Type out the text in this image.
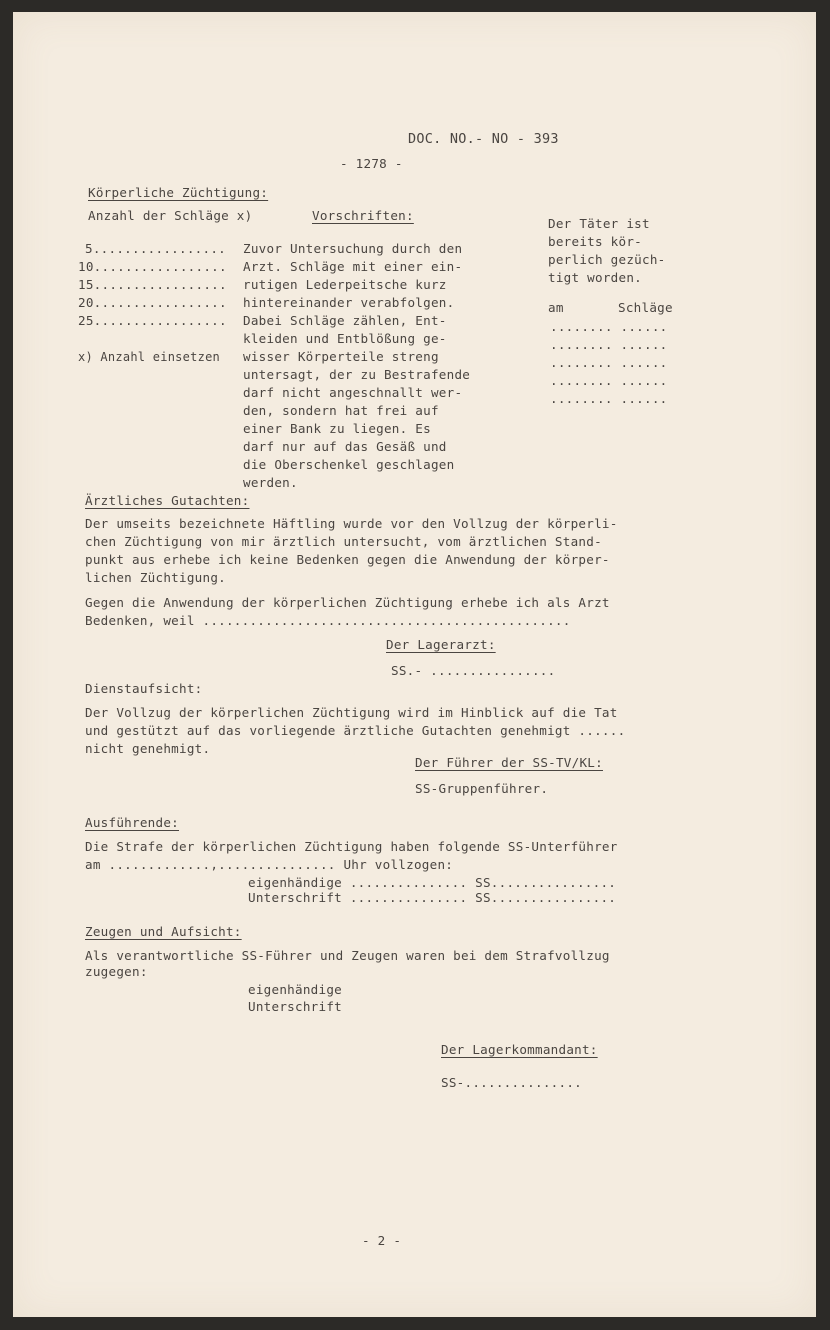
DOC. NO.- NO - 393
- 1278 -
Körperliche Züchtigung:
Anzahl der Schläge x)	Vorschriften:
5.................
10.................
15.................
20.................
25.................
Zuvor Untersuchung durch den
Arzt. Schläge mit einer ein-
rutigen Lederpeitsche kurz
hintereinander verabfolgen.
Dabei Schläge zählen, Ent-
kleiden und Entblößung ge-
wisser Körperteile streng
untersagt, der zu Bestrafende
darf nicht angeschnallt wer-
den, sondern hat frei auf
einer Bank zu liegen. Es
darf nur auf das Gesäß und
die Oberschenkel geschlagen
werden.
x) Anzahl einsetzen
Der Täter ist
bereits kör-
perlich gezüch-
tigt worden.
am	Schläge
........ ......
........ ......
........ ......
........ ......
........ ......
Ärztliches Gutachten:
Der umseits bezeichnete Häftling wurde vor den Vollzug der körperli-
chen Züchtigung von mir ärztlich untersucht, vom ärztlichen Stand-
punkt aus erhebe ich keine Bedenken gegen die Anwendung der körper-
lichen Züchtigung.
Gegen die Anwendung der körperlichen Züchtigung erhebe ich als Arzt
Bedenken, weil ...............................................
Der Lagerarzt:
SS.- ................
Dienstaufsicht:
Der Vollzug der körperlichen Züchtigung wird im Hinblick auf die Tat
und gestützt auf das vorliegende ärztliche Gutachten genehmigt ......
nicht genehmigt.
Der Führer der SS-TV/KL:
SS-Gruppenführer.
Ausführende:
Die Strafe der körperlichen Züchtigung haben folgende SS-Unterführer
am .............,............... Uhr vollzogen:
eigenhändige ............... SS................
Unterschrift ............... SS................
Zeugen und Aufsicht:
Als verantwortliche SS-Führer und Zeugen waren bei dem Strafvollzug
zugegen:
eigenhändige
Unterschrift
Der Lagerkommandant:
SS-...............
- 2 -
